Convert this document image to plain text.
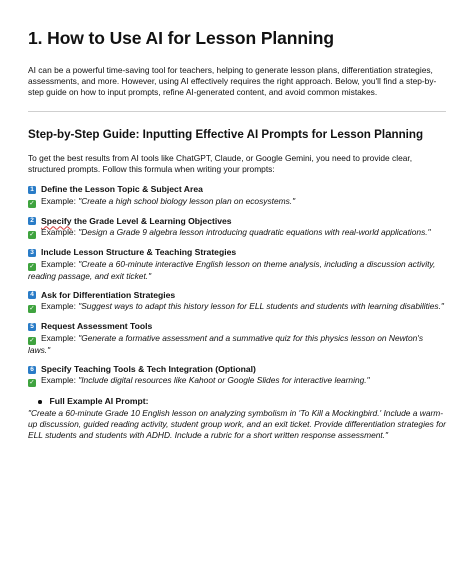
1. How to Use AI for Lesson Planning

AI can be a powerful time-saving tool for teachers, helping to generate lesson plans, differentiation strategies, assessments, and more. However, using AI effectively requires the right approach. Below, you'll find a step-by-step guide on how to input prompts, refine AI-generated content, and avoid common mistakes.

Step-by-Step Guide: Inputting Effective AI Prompts for Lesson Planning

To get the best results from AI tools like ChatGPT, Claude, or Google Gemini, you need to provide clear, structured prompts. Follow this formula when writing your prompts:

1 Define the Lesson Topic & Subject Area
✓ Example: "Create a high school biology lesson plan on ecosystems."
2 Specify the Grade Level & Learning Objectives
✓ Example: "Design a Grade 9 algebra lesson introducing quadratic equations with real-world applications."
3 Include Lesson Structure & Teaching Strategies
✓ Example: "Create a 60-minute interactive English lesson on theme analysis, including a discussion activity, reading passage, and exit ticket."
4 Ask for Differentiation Strategies
✓ Example: "Suggest ways to adapt this history lesson for ELL students and students with learning disabilities."
5 Request Assessment Tools
✓ Example: "Generate a formative assessment and a summative quiz for this physics lesson on Newton's laws."
6 Specify Teaching Tools & Tech Integration (Optional)
✓ Example: "Include digital resources like Kahoot or Google Slides for interactive learning."
Full Example AI Prompt:
"Create a 60-minute Grade 10 English lesson on analyzing symbolism in 'To Kill a Mockingbird.' Include a warm-up discussion, guided reading activity, student group work, and an exit ticket. Provide differentiation strategies for ELL students and students with ADHD. Include a rubric for a short written response assessment."
